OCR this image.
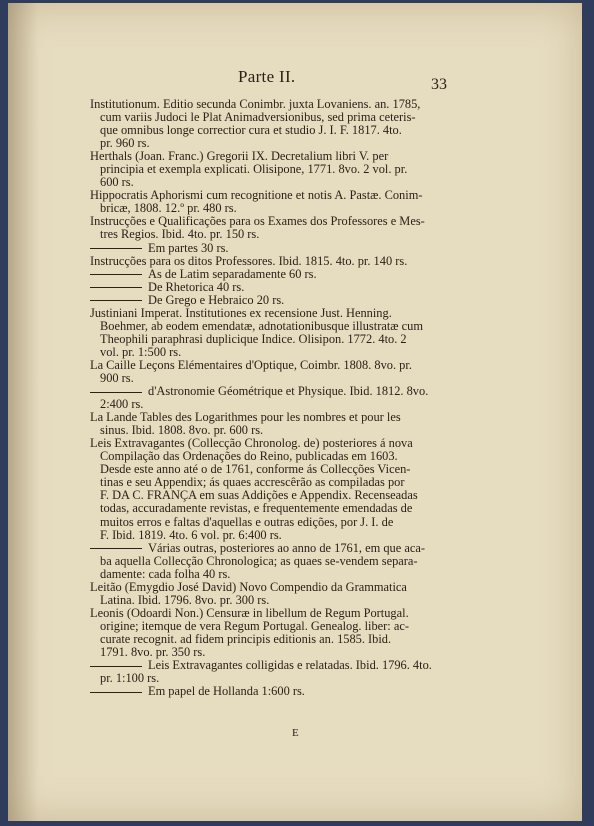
Parte II.	33
Institutionum. Editio secunda Conimbr. juxta Lovaniens. an. 1785,
cum variis Judoci le Plat Animadversionibus, sed prima ceteris-
que omnibus longe correctior cura et studio J. I. F. 1817. 4to.
pr. 960 rs.
Herthals (Joan. Franc.) Gregorii IX. Decretalium libri V. per
principia et exempla explicati. Olisipone, 1771. 8vo. 2 vol. pr.
600 rs.
Hippocratis Aphorismi cum recognitione et notis A. Pastæ. Conim-
bricæ, 1808. 12.º pr. 480 rs.
Instrucções e Qualificações para os Exames dos Professores e Mes-
tres Regios. Ibid. 4to. pr. 150 rs.
Em partes 30 rs.
Instrucções para os ditos Professores. Ibid. 1815. 4to. pr. 140 rs.
As de Latim separadamente 60 rs.
De Rhetorica 40 rs.
De Grego e Hebraico 20 rs.
Justiniani Imperat. Institutiones ex recensione Just. Henning.
Boehmer, ab eodem emendatæ, adnotationibusque illustratæ cum
Theophili paraphrasi duplicique Indice. Olisipon. 1772. 4to. 2
vol. pr. 1:500 rs.
La Caille Leçons Elémentaires d'Optique, Coimbr. 1808. 8vo. pr.
900 rs.
d'Astronomie Géométrique et Physique. Ibid. 1812. 8vo.
2:400 rs.
La Lande Tables des Logarithmes pour les nombres et pour les
sinus. Ibid. 1808. 8vo. pr. 600 rs.
Leis Extravagantes (Collecção Chronolog. de) posteriores á nova
Compilação das Ordenações do Reino, publicadas em 1603.
Desde este anno até o de 1761, conforme ás Collecções Vicen-
tinas e seu Appendix; ás quaes accrescêrão as compiladas por
F. DA C. FRANÇA em suas Addições e Appendix. Recenseadas
todas, accuradamente revistas, e frequentemente emendadas de
muitos erros e faltas d'aquellas e outras edições, por J. I. de
F. Ibid. 1819. 4to. 6 vol. pr. 6:400 rs.
Várias outras, posteriores ao anno de 1761, em que aca-
ba aquella Collecção Chronologica; as quaes se-vendem separa-
damente: cada folha 40 rs.
Leitão (Emygdio José David) Novo Compendio da Grammatica
Latina. Ibid. 1796. 8vo. pr. 300 rs.
Leonis (Odoardi Non.) Censuræ in libellum de Regum Portugal.
origine; itemque de vera Regum Portugal. Genealog. liber: ac-
curate recognit. ad fidem principis editionis an. 1585. Ibid.
1791. 8vo. pr. 350 rs.
Leis Extravagantes colligidas e relatadas. Ibid. 1796. 4to.
pr. 1:100 rs.
Em papel de Hollanda 1:600 rs.
E
